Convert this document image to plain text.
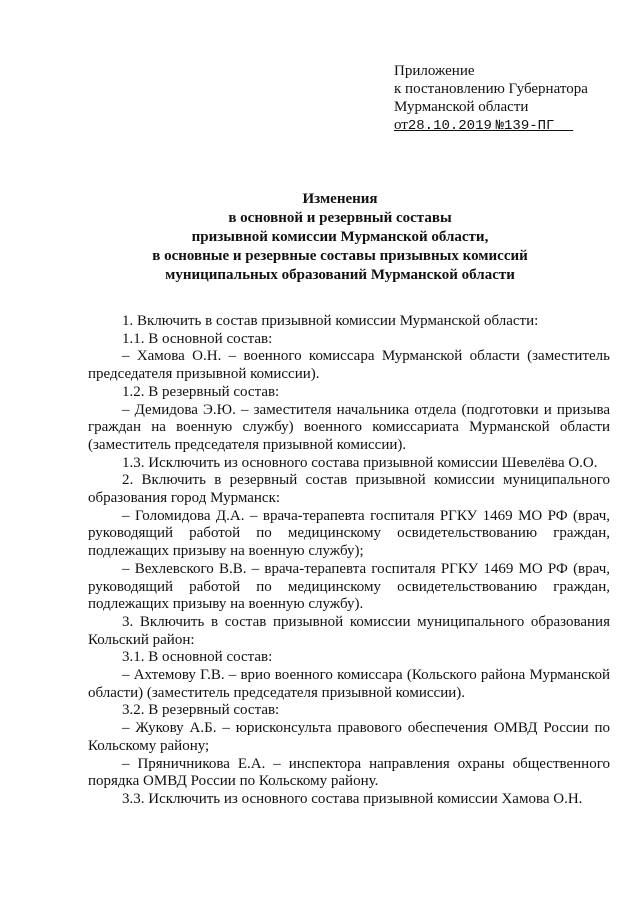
Приложение
к постановлению Губернатора
Мурманской области
от28.10.2019 №139-ПГ
Изменения
в основной и резервный составы
призывной комиссии Мурманской области,
в основные и резервные составы призывных комиссий
муниципальных образований Мурманской области

1. Включить в состав призывной комиссии Мурманской области:

1.1. В основной состав:

– Хамова О.Н. – военного комиссара Мурманской области (заместитель председателя призывной комиссии).

1.2. В резервный состав:

– Демидова Э.Ю. – заместителя начальника отдела (подготовки и призыва граждан на военную службу) военного комиссариата Мурманской области (заместитель председателя призывной комиссии).

1.3. Исключить из основного состава призывной комиссии Шевелёва О.О.

2. Включить в резервный состав призывной комиссии муниципального образования город Мурманск:

– Голомидова Д.А. – врача-терапевта госпиталя РГКУ 1469 МО РФ (врач, руководящий работой по медицинскому освидетельствованию граждан, подлежащих призыву на военную службу);

– Вехлевского В.В. – врача-терапевта госпиталя РГКУ 1469 МО РФ (врач, руководящий работой по медицинскому освидетельствованию граждан, подлежащих призыву на военную службу).

3. Включить в состав призывной комиссии муниципального образования Кольский район:

3.1. В основной состав:

– Ахтемову Г.В. – врио военного комиссара (Кольского района Мурманской области) (заместитель председателя призывной комиссии).

3.2. В резервный состав:

– Жукову А.Б. – юрисконсульта правового обеспечения ОМВД России по Кольскому району;

– Пряничникова Е.А. – инспектора направления охраны общественного порядка ОМВД России по Кольскому району.

3.3. Исключить из основного состава призывной комиссии Хамова О.Н.
